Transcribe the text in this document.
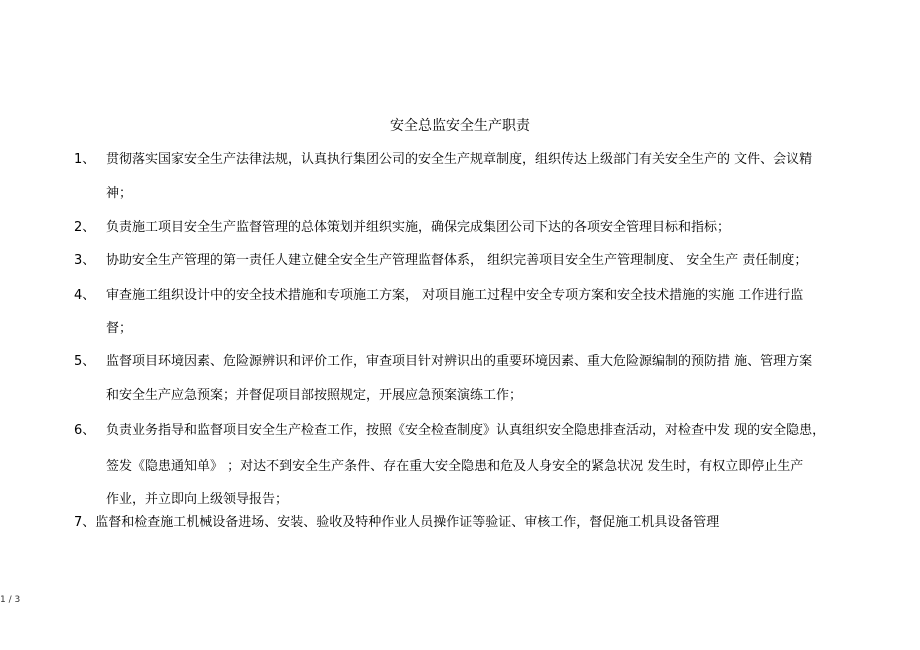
安全总监安全生产职责
1、 贯彻落实国家安全生产法律法规，认真执行集团公司的安全生产规章制度，组织传达上级部门有关安全生产的 文件、会议精
神；
2、 负责施工项目安全生产监督管理的总体策划并组织实施，确保完成集团公司下达的各项安全管理目标和指标；
3、 协助安全生产管理的第一责任人建立健全安全生产管理监督体系， 组织完善项目安全生产管理制度、 安全生产 责任制度；
4、 审查施工组织设计中的安全技术措施和专项施工方案， 对项目施工过程中安全专项方案和安全技术措施的实施 工作进行监
督；
5、 监督项目环境因素、危险源辨识和评价工作，审查项目针对辨识出的重要环境因素、重大危险源编制的预防措 施、管理方案
和安全生产应急预案；并督促项目部按照规定，开展应急预案演练工作；
6、 负责业务指导和监督项目安全生产检查工作，按照《安全检查制度》认真组织安全隐患排查活动，对检查中发 现的安全隐患，
签发《隐患通知单》 ；对达不到安全生产条件、存在重大安全隐患和危及人身安全的紧急状况 发生时，有权立即停止生产
作业，并立即向上级领导报告；
7、监督和检查施工机械设备进场、安装、验收及特种作业人员操作证等验证、审核工作，督促施工机具设备管理
1 / 3
